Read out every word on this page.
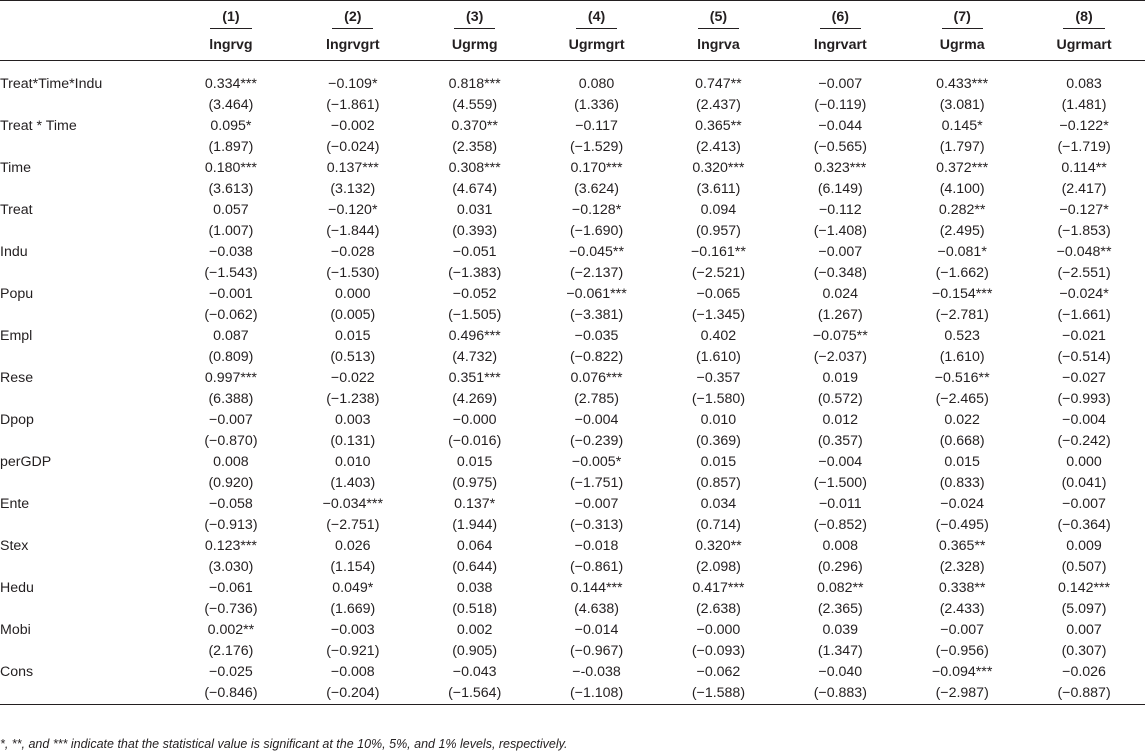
	(1)	(2)	(3)	(4)	(5)	(6)	(7)	(8)
	lngrvg	lngrvgrt	Ugrmg	Ugrmgrt	lngrva	lngrvart	Ugrma	Ugrmart

Treat*Time*Indu	0.334***	−0.109*	0.818***	0.080	0.747**	−0.007	0.433***	0.083
	(3.464)	(−1.861)	(4.559)	(1.336)	(2.437)	(−0.119)	(3.081)	(1.481)
Treat * Time	0.095*	−0.002	0.370**	−0.117	0.365**	−0.044	0.145*	−0.122*
	(1.897)	(−0.024)	(2.358)	(−1.529)	(2.413)	(−0.565)	(1.797)	(−1.719)
Time	0.180***	0.137***	0.308***	0.170***	0.320***	0.323***	0.372***	0.114**
	(3.613)	(3.132)	(4.674)	(3.624)	(3.611)	(6.149)	(4.100)	(2.417)
Treat	0.057	−0.120*	0.031	−0.128*	0.094	−0.112	0.282**	−0.127*
	(1.007)	(−1.844)	(0.393)	(−1.690)	(0.957)	(−1.408)	(2.495)	(−1.853)
Indu	−0.038	−0.028	−0.051	−0.045**	−0.161**	−0.007	−0.081*	−0.048**
	(−1.543)	(−1.530)	(−1.383)	(−2.137)	(−2.521)	(−0.348)	(−1.662)	(−2.551)
Popu	−0.001	0.000	−0.052	−0.061***	−0.065	0.024	−0.154***	−0.024*
	(−0.062)	(0.005)	(−1.505)	(−3.381)	(−1.345)	(1.267)	(−2.781)	(−1.661)
Empl	0.087	0.015	0.496***	−0.035	0.402	−0.075**	0.523	−0.021
	(0.809)	(0.513)	(4.732)	(−0.822)	(1.610)	(−2.037)	(1.610)	(−0.514)
Rese	0.997***	−0.022	0.351***	0.076***	−0.357	0.019	−0.516**	−0.027
	(6.388)	(−1.238)	(4.269)	(2.785)	(−1.580)	(0.572)	(−2.465)	(−0.993)
Dpop	−0.007	0.003	−0.000	−0.004	0.010	0.012	0.022	−0.004
	(−0.870)	(0.131)	(−0.016)	(−0.239)	(0.369)	(0.357)	(0.668)	(−0.242)
perGDP	0.008	0.010	0.015	−0.005*	0.015	−0.004	0.015	0.000
	(0.920)	(1.403)	(0.975)	(−1.751)	(0.857)	(−1.500)	(0.833)	(0.041)
Ente	−0.058	−0.034***	0.137*	−0.007	0.034	−0.011	−0.024	−0.007
	(−0.913)	(−2.751)	(1.944)	(−0.313)	(0.714)	(−0.852)	(−0.495)	(−0.364)
Stex	0.123***	0.026	0.064	−0.018	0.320**	0.008	0.365**	0.009
	(3.030)	(1.154)	(0.644)	(−0.861)	(2.098)	(0.296)	(2.328)	(0.507)
Hedu	−0.061	0.049*	0.038	0.144***	0.417***	0.082**	0.338**	0.142***
	(−0.736)	(1.669)	(0.518)	(4.638)	(2.638)	(2.365)	(2.433)	(5.097)
Mobi	0.002**	−0.003	0.002	−0.014	−0.000	0.039	−0.007	0.007
	(2.176)	(−0.921)	(0.905)	(−0.967)	(−0.093)	(1.347)	(−0.956)	(0.307)
Cons	−0.025	−0.008	−0.043	−-0.038	−0.062	−0.040	−0.094***	−0.026
	(−0.846)	(−0.204)	(−1.564)	(−1.108)	(−1.588)	(−0.883)	(−2.987)	(−0.887)
*, **, and *** indicate that the statistical value is significant at the 10%, 5%, and 1% levels, respectively.
